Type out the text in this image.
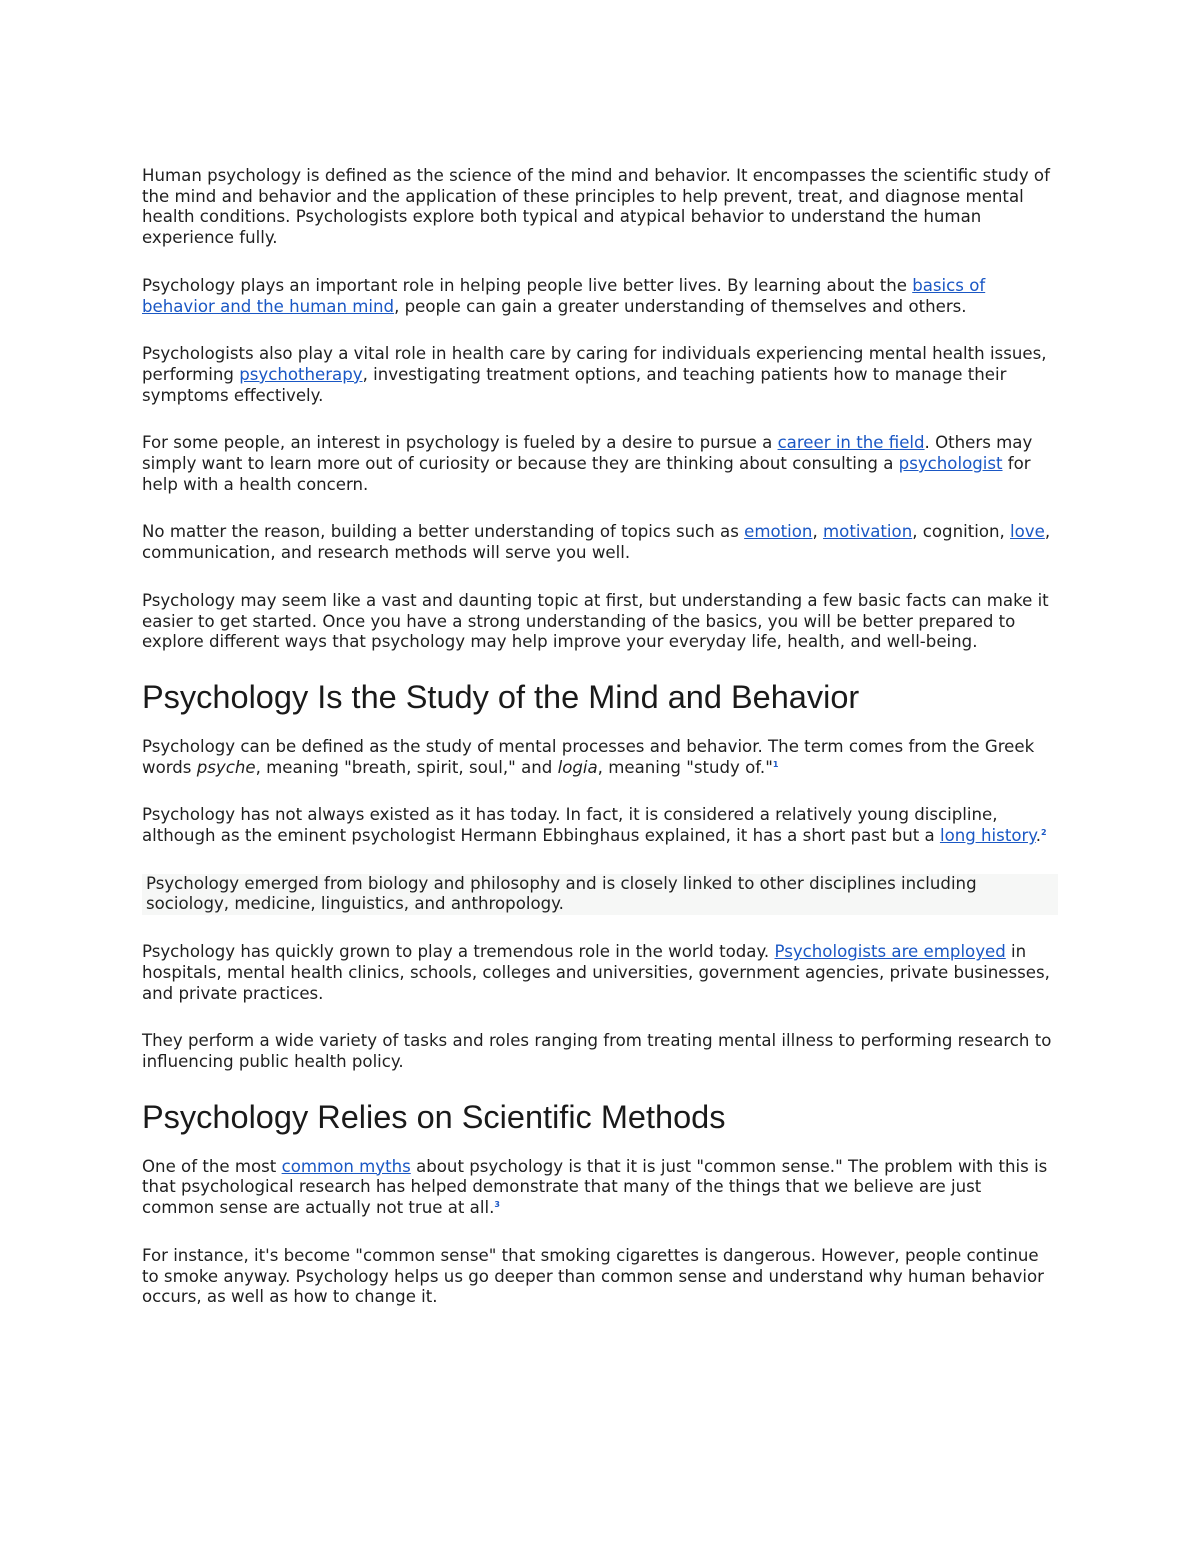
Human psychology is defined as the science of the mind and behavior. It encompasses the scientific study of the mind and behavior and the application of these principles to help prevent, treat, and diagnose mental health conditions. Psychologists explore both typical and atypical behavior to understand the human experience fully.

Psychology plays an important role in helping people live better lives. By learning about the basics of behavior and the human mind, people can gain a greater understanding of themselves and others.

Psychologists also play a vital role in health care by caring for individuals experiencing mental health issues, performing psychotherapy, investigating treatment options, and teaching patients how to manage their symptoms effectively.

For some people, an interest in psychology is fueled by a desire to pursue a career in the field. Others may simply want to learn more out of curiosity or because they are thinking about consulting a psychologist for help with a health concern.

No matter the reason, building a better understanding of topics such as emotion, motivation, cognition, love, communication, and research methods will serve you well.

Psychology may seem like a vast and daunting topic at first, but understanding a few basic facts can make it easier to get started. Once you have a strong understanding of the basics, you will be better prepared to explore different ways that psychology may help improve your everyday life, health, and well-being.

Psychology Is the Study of the Mind and Behavior

Psychology can be defined as the study of mental processes and behavior. The term comes from the Greek words psyche, meaning "breath, spirit, soul," and logia, meaning "study of."$^1$

Psychology has not always existed as it has today. In fact, it is considered a relatively young discipline, although as the eminent psychologist Hermann Ebbinghaus explained, it has a short past but a long history.$^2$

Psychology emerged from biology and philosophy and is closely linked to other disciplines including sociology, medicine, linguistics, and anthropology.

Psychology has quickly grown to play a tremendous role in the world today. Psychologists are employed in hospitals, mental health clinics, schools, colleges and universities, government agencies, private businesses, and private practices.

They perform a wide variety of tasks and roles ranging from treating mental illness to performing research to influencing public health policy.

Psychology Relies on Scientific Methods

One of the most common myths about psychology is that it is just "common sense." The problem with this is that psychological research has helped demonstrate that many of the things that we believe are just common sense are actually not true at all.$^3$

For instance, it's become "common sense" that smoking cigarettes is dangerous. However, people continue to smoke anyway. Psychology helps us go deeper than common sense and understand why human behavior occurs, as well as how to change it.
